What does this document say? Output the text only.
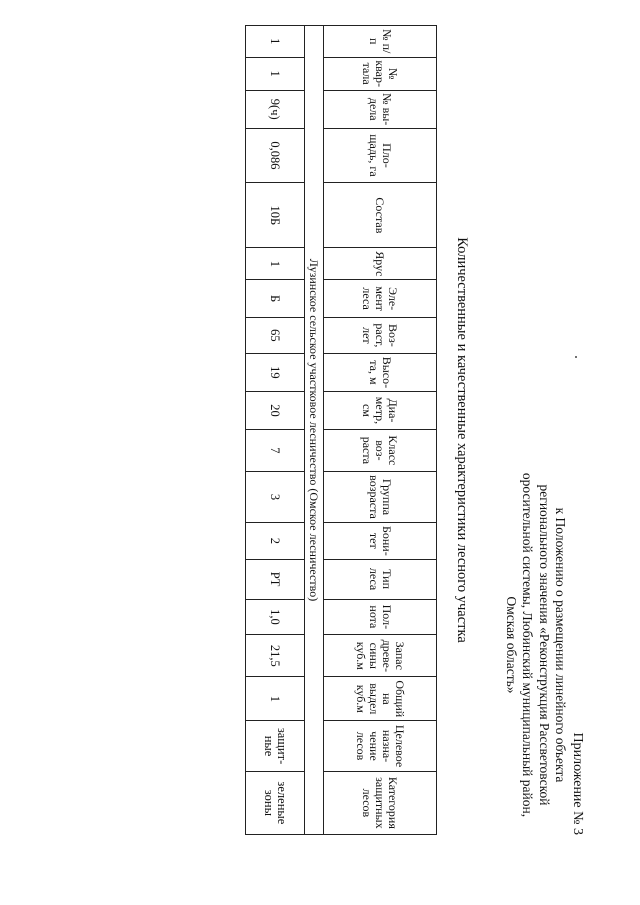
Приложение № 3
к Положению о размещении линейного объекта
регионального значения «Реконструкция Рассветовской
оросительной системы, Любинский муниципальный район,
Омская область»
Количественные и качественные характеристики лесного участка
№ п/п	№ квар-тала	№ вы-дела	Пло-щадь, га	Состав	Ярус	Эле-мент леса	Воз-раст, лет	Высо-та, м	Диа-метр, см	Класс воз-раста	Группа возраста	Бони-тет	Тип леса	Пол-нота	Запас древе-сины куб.м	Общий на выдел куб.м	Целевое назна-чение лесов	Категория защитных лесов
Лузинское сельское участковое лесничество (Омское лесничество)																		
1	1	9(ч)	0,086	10Б	1	Б	65	19	20	7	3	2	РТ	1,0	21,5	1	защит-ные	зеленые зоны
